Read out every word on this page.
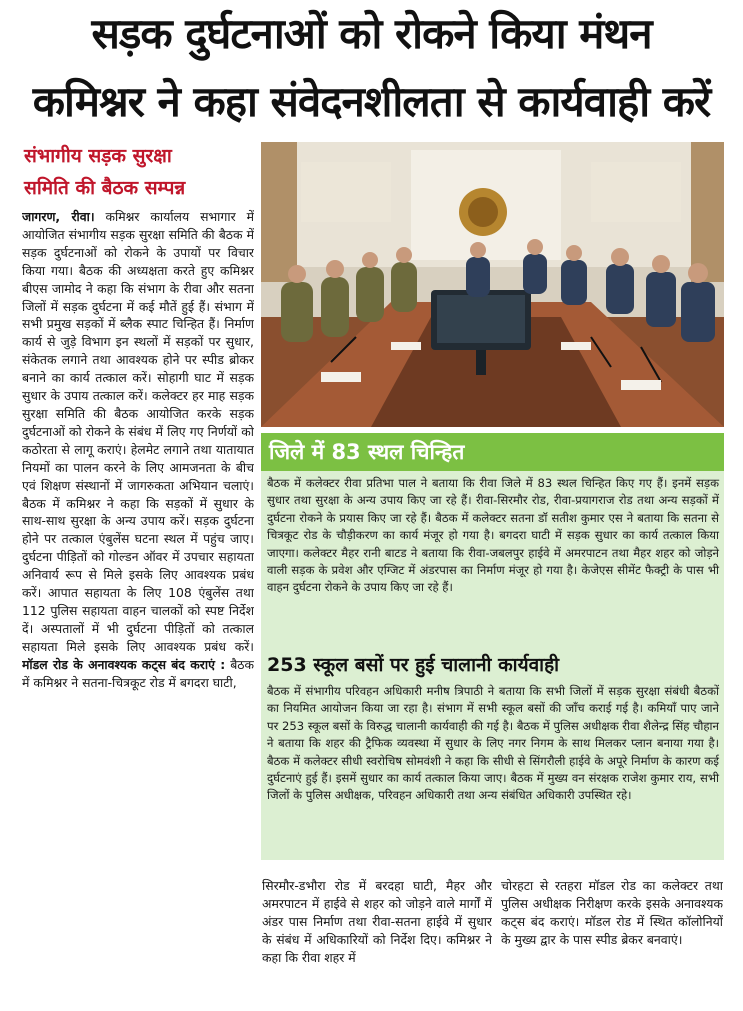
सड़क दुर्घटनाओं को रोकने किया मंथन
कमिश्नर ने कहा संवेदनशीलता से कार्यवाही करें
संभागीय सड़क सुरक्षा
समिति की बैठक सम्पन्न
जागरण, रीवा। कमिश्नर कार्यालय सभागार में आयोजित संभागीय सड़क सुरक्षा समिति की बैठक में सड़क दुर्घटनाओं को रोकने के उपायों पर विचार किया गया। बैठक की अध्यक्षता करते हुए कमिश्नर बीएस जामोद ने कहा कि संभाग के रीवा और सतना जिलों में सड़क दुर्घटना में कई मौतें हुई हैं। संभाग में सभी प्रमुख सड़कों में ब्लैक स्पाट चिन्हित हैं। निर्माण कार्य से जुड़े विभाग इन स्थलों में सड़कों पर सुधार, संकेतक लगाने तथा आवश्यक होने पर स्पीड ब्रोकर बनाने का कार्य तत्काल करें। सोहागी घाट में सड़क सुधार के उपाय तत्काल करें। कलेक्टर हर माह सड़क सुरक्षा समिति की बैठक आयोजित करके सड़क दुर्घटनाओं को रोकने के संबंध में लिए गए निर्णयों को कठोरता से लागू कराएं। हेलमेट लगाने तथा यातायात नियमों का पालन करने के लिए आमजनता के बीच एवं शिक्षण संस्थानों में जागरुकता अभियान चलाएं। बैठक में कमिश्नर ने कहा कि सड़कों में सुधार के साथ-साथ सुरक्षा के अन्य उपाय करें। सड़क दुर्घटना होने पर तत्काल एंबुलेंस घटना स्थल में पहुंच जाए। दुर्घटना पीड़ितों को गोल्डन ऑवर में उपचार सहायता अनिवार्य रूप से मिले इसके लिए आवश्यक प्रबंध करें। आपात सहायता के लिए 108 एंबुलेंस तथा 112 पुलिस सहायता वाहन चालकों को स्पष्ट निर्देश दें। अस्पतालों में भी दुर्घटना पीड़ितों को तत्काल सहायता मिले इसके लिए आवश्यक प्रबंध करें। मॉडल रोड के अनावश्यक कट्स बंद कराएं : बैठक में कमिश्नर ने सतना-चित्रकूट रोड में बगदरा घाटी,
जिले में 83 स्थल चिन्हित
बैठक में कलेक्टर रीवा प्रतिभा पाल ने बताया कि रीवा जिले में 83 स्थल चिन्हित किए गए हैं। इनमें सड़क सुधार तथा सुरक्षा के अन्य उपाय किए जा रहे हैं। रीवा-सिरमौर रोड, रीवा-प्रयागराज रोड तथा अन्य सड़कों में दुर्घटना रोकने के प्रयास किए जा रहे हैं। बैठक में कलेक्टर सतना डॉ सतीश कुमार एस ने बताया कि सतना से चित्रकूट रोड के चौड़ीकरण का कार्य मंजूर हो गया है। बगदरा घाटी में सड़क सुधार का कार्य तत्काल किया जाएगा। कलेक्टर मैहर रानी बाटड ने बताया कि रीवा-जबलपुर हाईवे में अमरपाटन तथा मैहर शहर को जोड़ने वाली सड़क के प्रवेश और एग्जिट में अंडरपास का निर्माण मंजूर हो गया है। केजेएस सीमेंट फैक्ट्री के पास भी वाहन दुर्घटना रोकने के उपाय किए जा रहे हैं।
253 स्कूल बसों पर हुई चालानी कार्यवाही
बैठक में संभागीय परिवहन अधिकारी मनीष त्रिपाठी ने बताया कि सभी जिलों में सड़क सुरक्षा संबंधी बैठकों का नियमित आयोजन किया जा रहा है। संभाग में सभी स्कूल बसों की जाँच कराई गई है। कमियाँ पाए जाने पर 253 स्कूल बसों के विरुद्ध चालानी कार्यवाही की गई है। बैठक में पुलिस अधीक्षक रीवा शैलेन्द्र सिंह चौहान ने बताया कि शहर की ट्रैफिक व्यवस्था में सुधार के लिए नगर निगम के साथ मिलकर प्लान बनाया गया है। बैठक में कलेक्टर सीधी स्वरोचिष सोमवंशी ने कहा कि सीधी से सिंगरौली हाईवे के अपूरे निर्माण के कारण कई दुर्घटनाएं हुई हैं। इसमें सुधार का कार्य तत्काल किया जाए। बैठक में मुख्य वन संरक्षक राजेश कुमार राय, सभी जिलों के पुलिस अधीक्षक, परिवहन अधिकारी तथा अन्य संबंधित अधिकारी उपस्थित रहे।
सिरमौर-डभौरा रोड में बरदहा घाटी, मैहर और अमरपाटन में हाईवे से शहर को जोड़ने वाले मार्गों में अंडर पास निर्माण तथा रीवा-सतना हाईवे में सुधार के संबंध में अधिकारियों को निर्देश दिए। कमिश्नर ने कहा कि रीवा शहर में
चोरहटा से रतहरा मॉडल रोड का कलेक्टर तथा पुलिस अधीक्षक निरीक्षण करके इसके अनावश्यक कट्स बंद कराएं। मॉडल रोड में स्थित कॉलोनियों के मुख्य द्वार के पास स्पीड ब्रेकर बनवाएं।
